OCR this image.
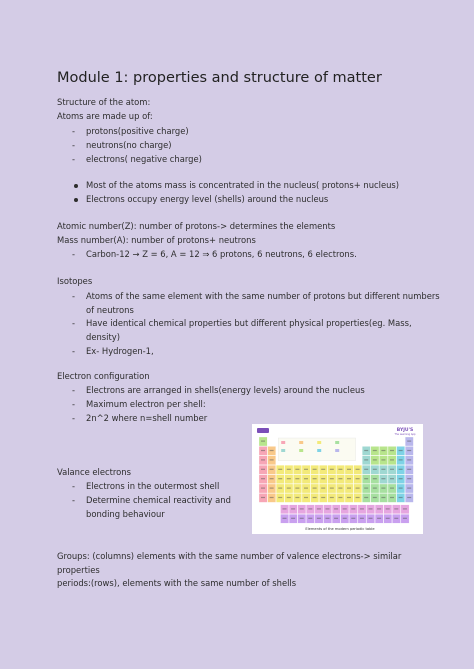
Module 1: properties and structure of matter
Structure of the atom:
Atoms are made up of:
- protons(positive charge)
- neutrons(no charge)
- electrons( negative charge)
Most of the atoms mass is concentrated in the nucleus( protons+ nucleus)
Electrons occupy energy level (shells) around the nucleus
Atomic number(Z): number of protons-> determines the elements
Mass number(A): number of protons+ neutrons
- Carbon-12 → Z = 6, A = 12 ⇒ 6 protons, 6 neutrons, 6 electrons.
Isotopes
- Atoms of the same element with the same number of protons but different numbers
of neutrons
- Have identical chemical properties but different physical properties(eg. Mass,
density)
- Ex- Hydrogen-1,
Electron configuration
- Electrons are arranged in shells(energy levels) around the nucleus
- Maximum electron per shell:
- 2n^2 where n=shell number
Valance electrons
- Electrons in the outermost shell
- Determine chemical reactivity and
bonding behaviour
Groups: (columns) elements with the same number of valence electrons-> similar
properties
periods:(rows), elements with the same number of shells
BYJU'S
The Learning App
Elements of the modern periodic table
